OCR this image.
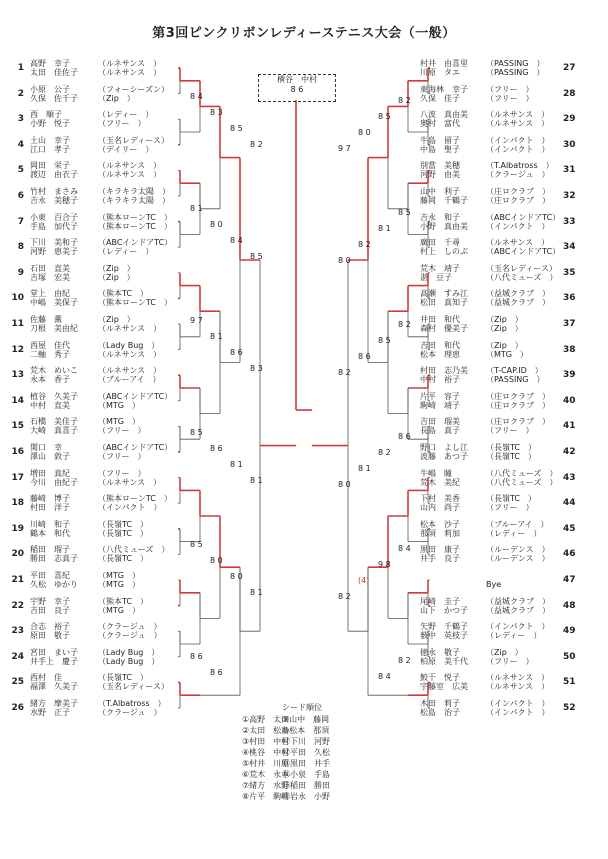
第3回ピンクリボンレディーステニス大会（一般）
横谷　中村
8 6
1 高野　幸子	（ルネサンス　）
太田　佳佐子	（ルネサンス　）
2 小原　公子	（フォーシーズン）
久保　佐千子	（Zip　）
3 西　順子	（レディー　）
小野　悦子	（フリー　）
4 土山　幸子	（玉名レディース）
江口　孝子	（デイリー　）
5 岡田　栄子	（ルネサンス　）
渡辺　由衣子	（ルネサンス　）
6 竹村　まさみ	（キラキラ太陽　）
吉永　美穂子	（キラキラ太陽　）
7 小東　百合子	（熊本ローンTC　）
手島　加代子	（熊本ローンTC　）
8 下川　美和子	（ABCインドアTC）
河野　恵美子	（レディー　）
9 石田　直美	（Zip　）
吉塚　宏美	（Zip　）
10 堂上　由紀	（熊本TC　）
中嶋　美保子	（熊本ローンTC　）
11 佐藤　薫	（Zip　）
刀根　美由紀	（ルネサンス　）
12 西屋　佳代	（Lady Bug　）
二軸　秀子	（ルネサンス　）
13 荒木　めいこ	（ルネサンス　）
永本　香子	（ブルーアイ　）
14 植谷　久美子	（ABCインドアTC）
中村　直美	（MTG　）
15 石橋　美佳子	（MTG　）
大崎　真喜子	（フリー　）
16 関口　幸	（ABCインドアTC）
澤山　敦子	（フリー　）
17 増田　真紀	（フリー　）
今川　由紀子	（ルネサンス　）
18 藤崎　博子	（熊本ローンTC　）
村田　洋子	（インパクト　）
19 川崎　和子	（長嶺TC　）
鶴本　和代	（長嶺TC　）
20 稲田　瑠子	（八代ミューズ　）
勝田　志真子	（長嶺TC　）
21 平田　喜紀	（MTG　）
久松　ゆかり	（MTG　）
22 宇野　幸子	（熊本TC　）
吉田　良子	（MTG　）
23 合志　裕子	（クラージュ　）
原田　敬子	（クラージュ　）
24 宮田　まい子	（Lady Bug　）
井手上　慶子	（Lady Bug　）
25 西村　佳	（長嶺TC　）
福澤　久美子	（玉名レディース）
26 緒方　摩美子	（T.Albatross　）
水野　正子	（クラージュ　）
27
村井　由喜里 （PASSING　）
川原　タエ	（PASSING　）
28
東海林　幸子 （フリー　）
久保　佳子	（フリー　）
29
八波　真由美 （ルネサンス　）
奥村　富代	（ルネサンス　）
30
牛島　留子	（インパクト　）
中島　聖子	（インパクト　）
31
別當　美穂	（T.Albatross　）
河野　由美	（クラージュ　）
32
山中　利子	（庄ロクラブ　）
藤岡　千鶴子 （庄ロクラブ　）
33
吉永　和子	（ABCインドアTC）
小野　真由美 （インパクト　）
34
廣田　千尋	（ルネサンス　）
村上　しのぶ （ABCインドアTC）
35
荒木　靖子	（玉名レディース）
湛　豆子	（八代ミューズ　）
36
高瀬　すみ江 （益城クラブ　）
松田　真知子 （益城クラブ　）
37
井田　和代	（Zip　）
森村　優美子 （Zip　）
38
吉田　和代	（Zip　）
松本　理恵	（MTG　）
39
村田　志乃美 （T-CAP.ID　）
中村　裕子	（PASSING　）
40
片平　容子	（庄ロクラブ　）
駒崎　靖子	（庄ロクラブ　）
41
吉田　瑠美	（庄ロクラブ　）
長島　真子	（フリー　）
42
野口　よし江 （長嶺TC　）
波藤　あつ子 （長嶺TC　）
43
牛嶋　瞳	（八代ミューズ　）
荒木　美紀	（八代ミューズ　）
44
下村　美香	（長嶺TC　）
山内　尚子	（フリー　）
45
松本　沙子	（ブルーアイ　）
那須　莉加	（レディー　）
46
黒田　康子	（ルーデンス　）
井手　良子	（ルーデンス　）
47
Bye
48
尾崎　圭子	（益城クラブ　）
山下　かつ子 （益城クラブ　）
49
矢野　千鶴子 （インパクト　）
薮中　英枝子 （レディー　）
50
徳永　敬子	（Zip　）
柏原　美千代 （フリー　）
51
鮫干　悦子	（ルネサンス　）
宇藤室　広美 （ルネサンス　）
52
木田　莉子	（インパクト　）
松島　治子	（インパクト　）
8 4
8 3
8 5
8 2
8 1
8 0
8 4
8 5
9 7
8 1
8 6
8 3
8 5
8 6
8 1
8 1
8 5
8 0
8 0
8 1
8 6
8 6
8 2
8 5
8 0
9 7
8 5
8 1
8 2
8 0
8 2
8 5
8 6
8 2
8 6
8 2
8 1
8 0
8 4
9 8
(4)
8 2
8 2
8 4
シード順位
①高野　太田
⑨山中　藤岡
②太田　松島
⑩松本　那須
③村田　中村
⑪下川　河野
④桃谷　中村
⑫平田　久松
⑤村井　川原
⑬黒田　井手
⑥荒木　永本
⑭小泉　手島
⑦緒方　水野
⑮稲田　勝田
⑧片平　駒崎
⑯岩永　小野
